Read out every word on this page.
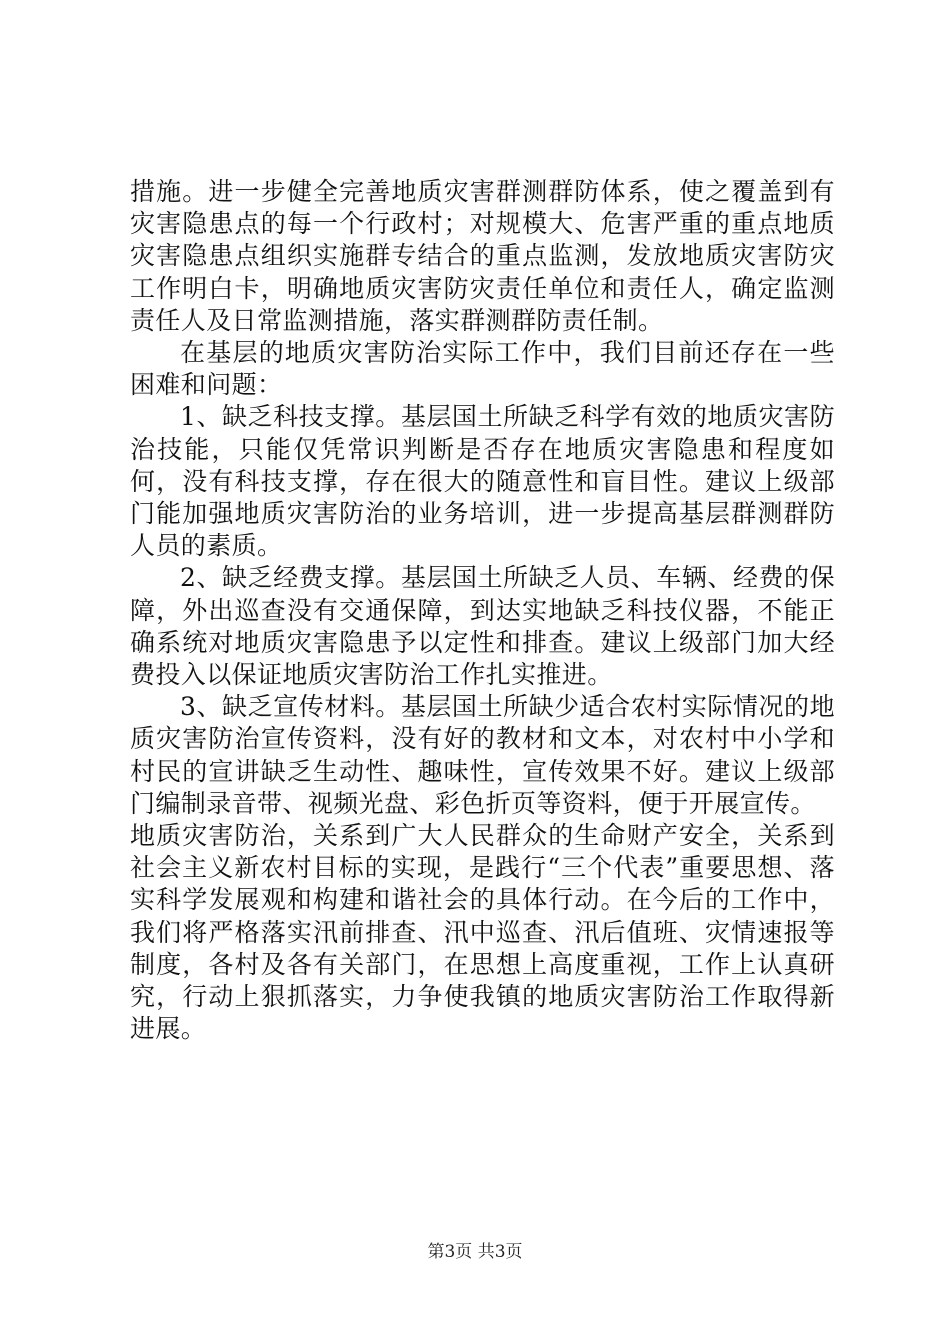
措施。进一步健全完善地质灾害群测群防体系，使之覆盖到有灾害隐患点的每一个行政村；对规模大、危害严重的重点地质灾害隐患点组织实施群专结合的重点监测，发放地质灾害防灾工作明白卡，明确地质灾害防灾责任单位和责任人，确定监测责任人及日常监测措施，落实群测群防责任制。

在基层的地质灾害防治实际工作中，我们目前还存在一些困难和问题：

1、缺乏科技支撑。基层国土所缺乏科学有效的地质灾害防治技能，只能仅凭常识判断是否存在地质灾害隐患和程度如何，没有科技支撑，存在很大的随意性和盲目性。建议上级部门能加强地质灾害防治的业务培训，进一步提高基层群测群防人员的素质。

2、缺乏经费支撑。基层国土所缺乏人员、车辆、经费的保障，外出巡查没有交通保障，到达实地缺乏科技仪器，不能正确系统对地质灾害隐患予以定性和排查。建议上级部门加大经费投入以保证地质灾害防治工作扎实推进。

3、缺乏宣传材料。基层国土所缺少适合农村实际情况的地质灾害防治宣传资料，没有好的教材和文本，对农村中小学和村民的宣讲缺乏生动性、趣味性，宣传效果不好。建议上级部门编制录音带、视频光盘、彩色折页等资料，便于开展宣传。

地质灾害防治，关系到广大人民群众的生命财产安全，关系到社会主义新农村目标的实现，是践行“三个代表”重要思想、落实科学发展观和构建和谐社会的具体行动。在今后的工作中，我们将严格落实汛前排查、汛中巡查、汛后值班、灾情速报等制度，各村及各有关部门，在思想上高度重视，工作上认真研究，行动上狠抓落实，力争使我镇的地质灾害防治工作取得新进展。

第3页 共3页
